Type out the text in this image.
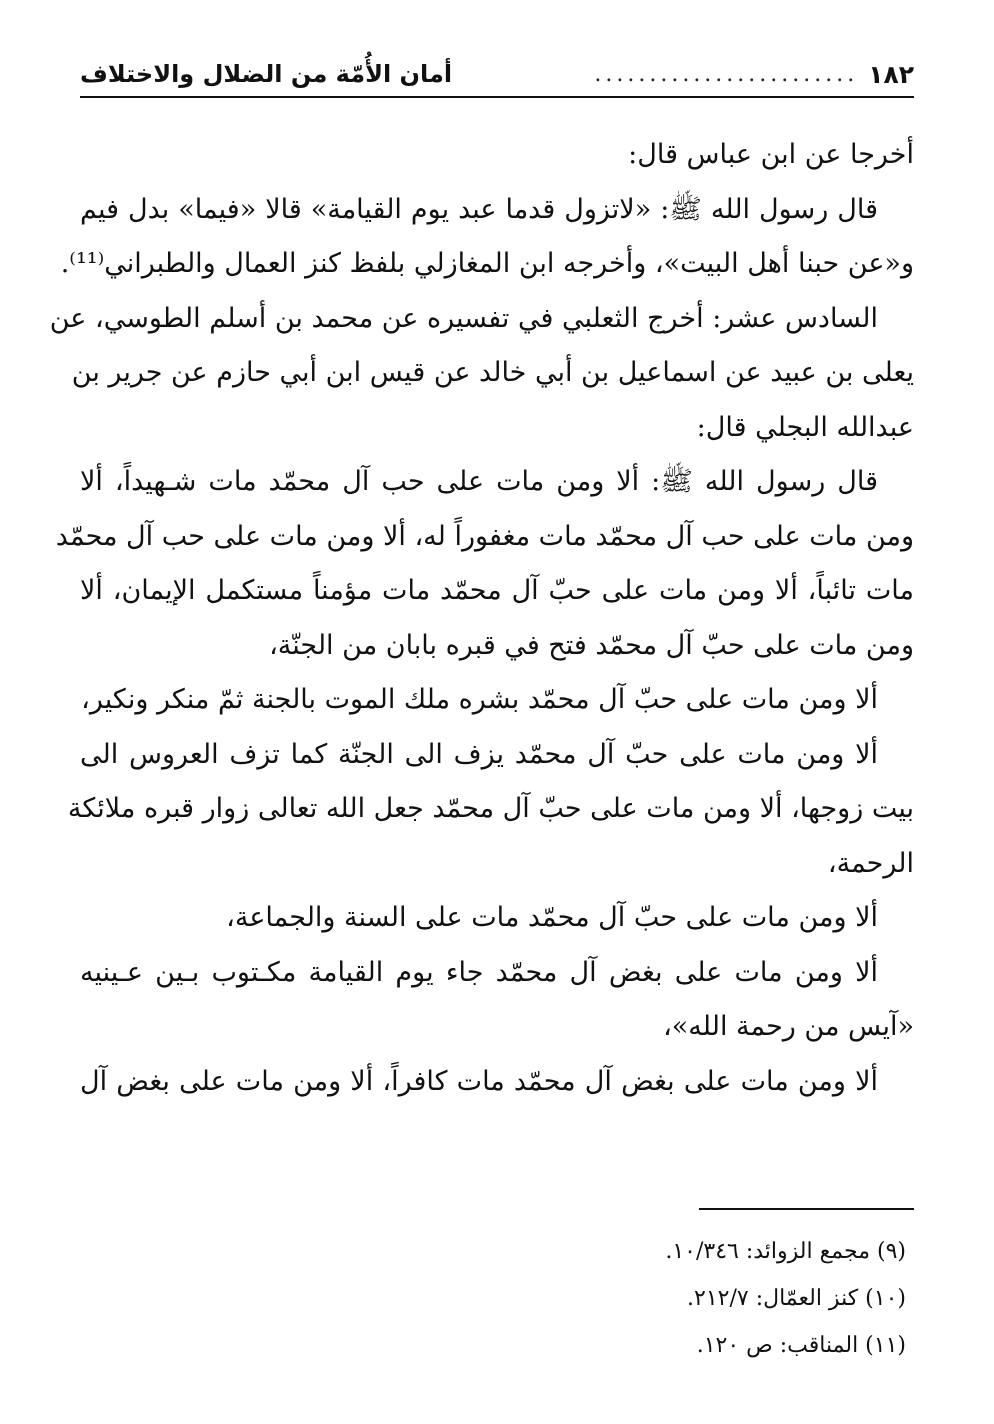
١٨٢
........................
أمان الأُمّة من الضلال والاختلاف
أخرجا عن ابن عباس قال:
قال رسول الله ﷺ: «لاتزول قدما عبد يوم القيامة» قالا «فيما» بدل فيم
و«عن حبنا أهل البيت»، وأخرجه ابن المغازلي بلفظ كنز العمال والطبراني⁽¹¹⁾.
السادس عشر: أخرج الثعلبي في تفسيره عن محمد بن أسلم الطوسي، عن
يعلى بن عبيد عن اسماعيل بن أبي خالد عن قيس ابن أبي حازم عن جرير بن
عبدالله البجلي قال:
قال رسول الله ﷺ: ألا ومن مات على حب آل محمّد مات شـهيداً، ألا
ومن مات على حب آل محمّد مات مغفوراً له، ألا ومن مات على حب آل محمّد
مات تائباً، ألا ومن مات على حبّ آل محمّد مات مؤمناً مستكمل الإيمان، ألا
ومن مات على حبّ آل محمّد فتح في قبره بابان من الجنّة،
ألا ومن مات على حبّ آل محمّد بشره ملك الموت بالجنة ثمّ منكر ونكير،
ألا ومن مات على حبّ آل محمّد يزف الى الجنّة كما تزف العروس الى
بيت زوجها، ألا ومن مات على حبّ آل محمّد جعل الله تعالى زوار قبره ملائكة
الرحمة،
ألا ومن مات على حبّ آل محمّد مات على السنة والجماعة،
ألا ومن مات على بغض آل محمّد جاء يوم القيامة مكـتوب بـين عـينيه
«آيس من رحمة الله»،
ألا ومن مات على بغض آل محمّد مات كافراً، ألا ومن مات على بغض آل
(٩) مجمع الزوائد: ١٠/٣٤٦.
(١٠) كنز العمّال: ٢١٢/٧.
(١١) المناقب: ص ١٢٠.
